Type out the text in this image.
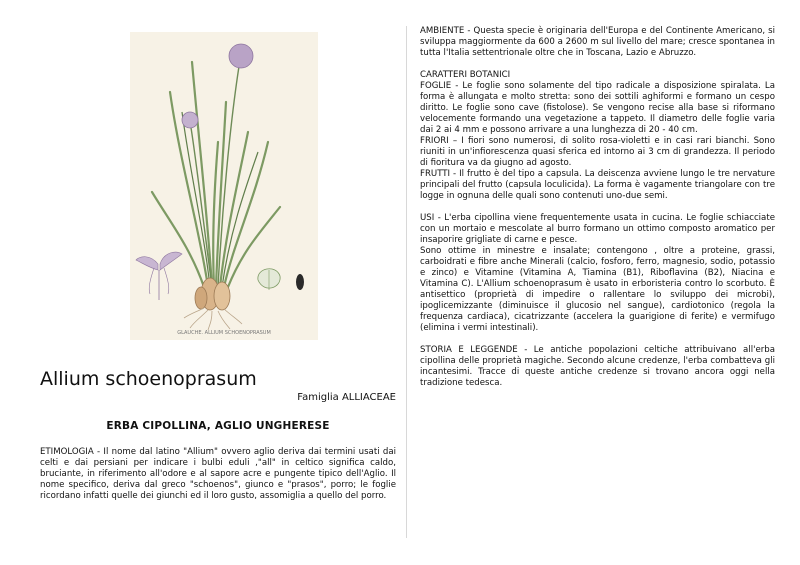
GLAUCHE. ALLIUM SCHOENOPRASUM
Allium schoenoprasum
Famiglia ALLIACEAE
ERBA CIPOLLINA, AGLIO UNGHERESE

ETIMOLOGIA - Il nome dal latino "Allium" ovvero aglio deriva dai termini usati dai celti e dai persiani per indicare i bulbi eduli ,"all" in celtico significa caldo, bruciante, in riferimento all'odore e al sapore acre e pungente tipico dell'Aglio. Il nome specifico, deriva dal greco "schoenos", giunco e "prasos", porro; le foglie ricordano infatti quelle dei giunchi ed il loro gusto, assomiglia a quello del porro.

AMBIENTE - Questa specie è originaria dell'Europa e del Continente Americano, si sviluppa maggiormente da 600 a 2600 m sul livello del mare; cresce spontanea in tutta l'Italia settentrionale oltre che in Toscana, Lazio e Abruzzo.

CARATTERI BOTANICI

FOGLIE - Le foglie sono solamente del tipo radicale a disposizione spiralata. La forma è allungata e molto stretta: sono dei sottili aghiformi e formano un cespo diritto. Le foglie sono cave (fistolose). Se vengono recise alla base si riformano velocemente formando una vegetazione a tappeto. Il diametro delle foglie varia dai 2 ai 4 mm e possono arrivare a una lunghezza di 20 - 40 cm.

FRIORI – I fiori sono numerosi, di solito rosa-violetti e in casi rari bianchi. Sono riuniti in un'infiorescenza quasi sferica ed intorno ai 3 cm di grandezza. Il periodo di fioritura va da giugno ad agosto.

FRUTTI - Il frutto è del tipo a capsula. La deiscenza avviene lungo le tre nervature principali del frutto (capsula loculicida). La forma è vagamente triangolare con tre logge in ognuna delle quali sono contenuti uno-due semi.

USI - L'erba cipollina viene frequentemente usata in cucina. Le foglie schiacciate con un mortaio e mescolate al burro formano un ottimo composto aromatico per insaporire grigliate di carne e pesce.

Sono ottime in minestre e insalate; contengono , oltre a proteine, grassi, carboidrati e fibre anche Minerali (calcio, fosforo, ferro, magnesio, sodio, potassio e zinco) e Vitamine (Vitamina A, Tiamina (B1), Riboflavina (B2), Niacina e Vitamina C). L'Allium schoenoprasum è usato in erboristeria contro lo scorbuto. È antisettico (proprietà di impedire o rallentare lo sviluppo dei microbi), ipoglicemizzante (diminuisce il glucosio nel sangue), cardiotonico (regola la frequenza cardiaca), cicatrizzante (accelera la guarigione di ferite) e vermifugo (elimina i vermi intestinali).

STORIA E LEGGENDE - Le antiche popolazioni celtiche attribuivano all'erba cipollina delle proprietà magiche. Secondo alcune credenze, l'erba combatteva gli incantesimi. Tracce di queste antiche credenze si trovano ancora oggi nella tradizione tedesca.
